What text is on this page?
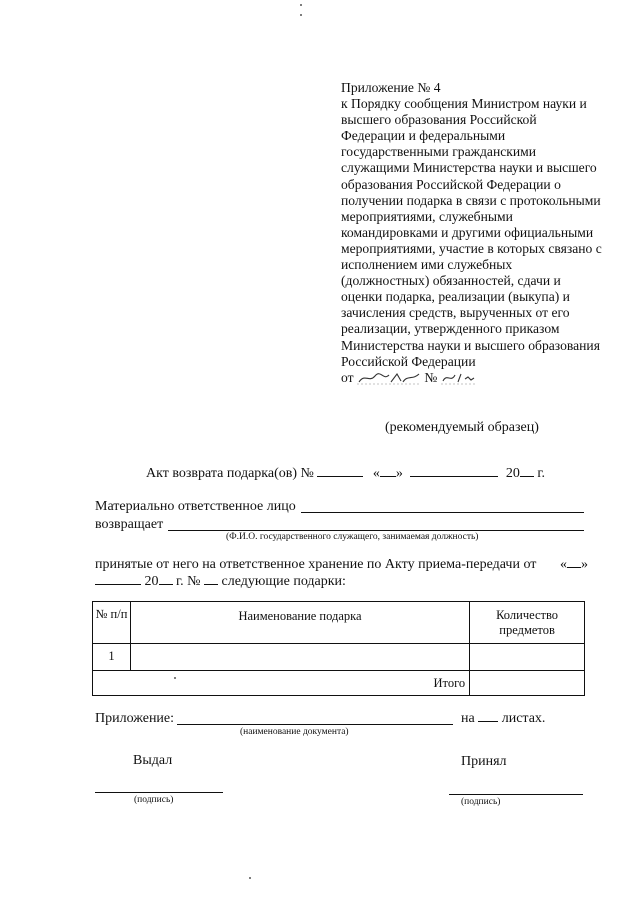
Приложение № 4
к Порядку сообщения Министром науки и высшего образования Российской Федерации и федеральными государственными гражданскими служащими Министерства науки и высшего образования Российской Федерации о получении подарка в связи с протокольными мероприятиями, служебными командировками и другими официальными мероприятиями, участие в которых связано с исполнением ими служебных (должностных) обязанностей, сдачи и оценки подарка, реализации (выкупа) и зачисления средств, вырученных от его реализации, утвержденного приказом Министерства науки и высшего образования Российской Федерации
от	№
(рекомендуемый образец)
Акт возврата подарка(ов) №	« »	20 г.
Материально ответственное лицо
возвращает
(Ф.И.О. государственного служащего, занимаемая должность)
принятые от него на ответственное хранение по Акту приема-передачи от « »
20 г. № следующие подарки:
№ п/п	Наименование подарка	Количество предметов
1		
Итого		
Приложение:	на листах.
(наименование документа)
Выдал	Принял
(подпись)	(подпись)
